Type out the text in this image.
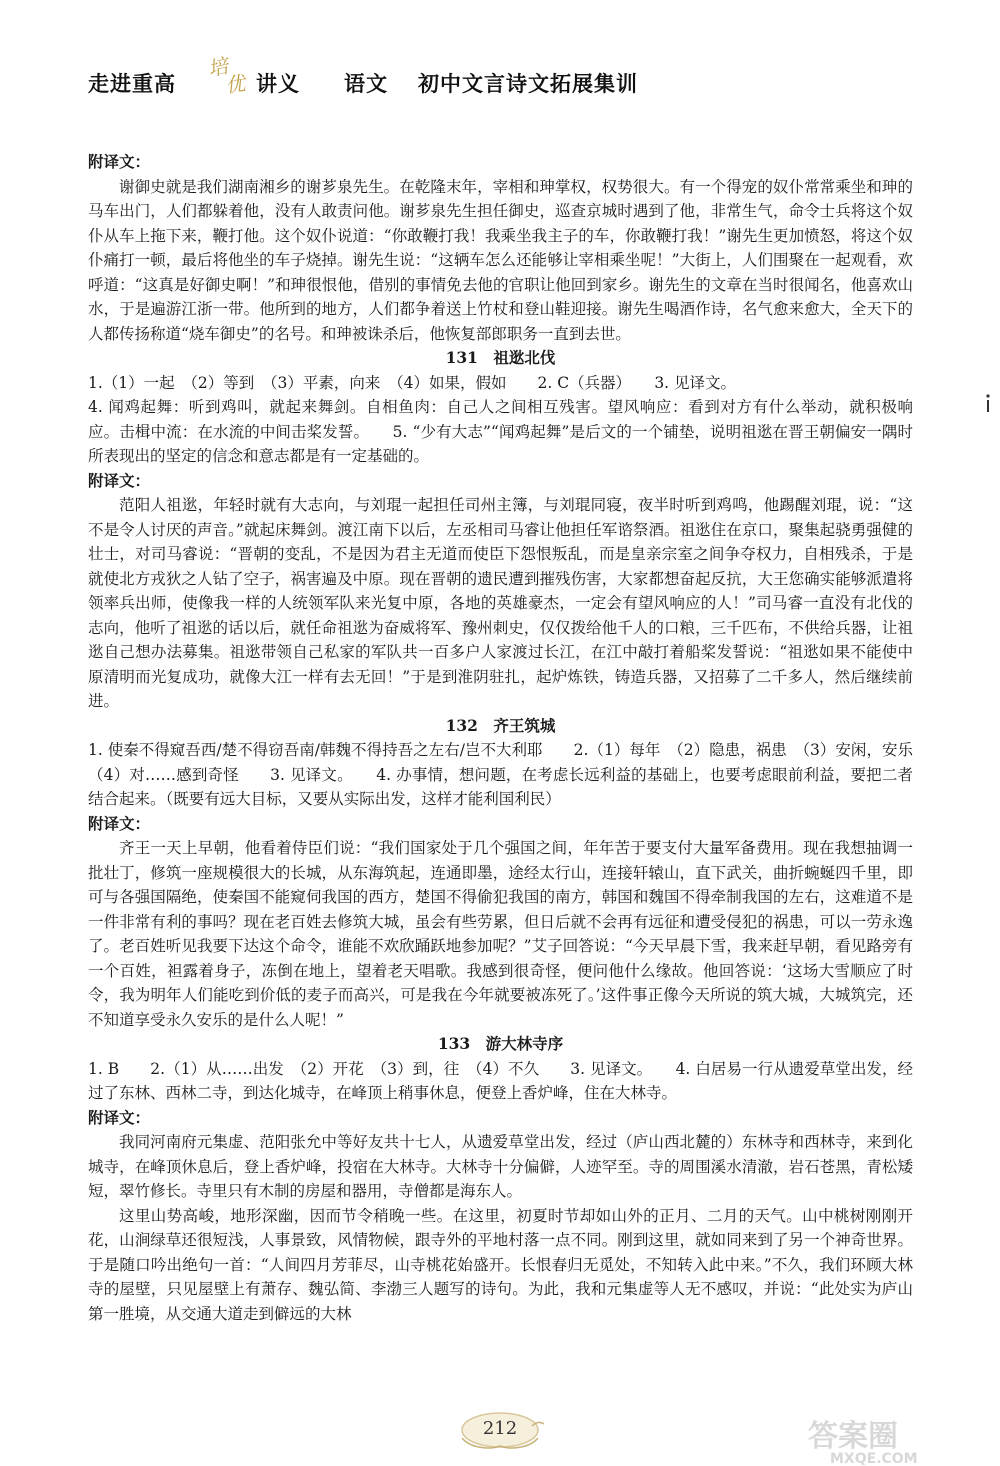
走进重高
培
优 讲义 语文 初中文言诗文拓展集训

附译文：

谢御史就是我们湖南湘乡的谢芗泉先生。在乾隆末年，宰相和珅掌权，权势很大。有一个得宠的奴仆常常乘坐和珅的马车出门，人们都躲着他，没有人敢责问他。谢芗泉先生担任御史，巡查京城时遇到了他，非常生气，命令士兵将这个奴仆从车上拖下来，鞭打他。这个奴仆说道：“你敢鞭打我！我乘坐我主子的车，你敢鞭打我！”谢先生更加愤怒，将这个奴仆痛打一顿，最后将他坐的车子烧掉。谢先生说：“这辆车怎么还能够让宰相乘坐呢！”大街上，人们围聚在一起观看，欢呼道：“这真是好御史啊！”和珅很恨他，借别的事情免去他的官职让他回到家乡。谢先生的文章在当时很闻名，他喜欢山水，于是遍游江浙一带。他所到的地方，人们都争着送上竹杖和登山鞋迎接。谢先生喝酒作诗，名气愈来愈大，全天下的人都传扬称道“烧车御史”的名号。和珅被诛杀后，他恢复部郎职务一直到去世。

131　祖逖北伐

1.（1）一起　（2）等到　（3）平素，向来　（4）如果，假如　　2. C（兵器）　　3. 见译文。

4. 闻鸡起舞：听到鸡叫，就起来舞剑。自相鱼肉：自己人之间相互残害。望风响应：看到对方有什么举动，就积极响应。击楫中流：在水流的中间击桨发誓。　　5. “少有大志”“闻鸡起舞”是后文的一个铺垫，说明祖逖在晋王朝偏安一隅时所表现出的坚定的信念和意志都是有一定基础的。

附译文：

范阳人祖逖，年轻时就有大志向，与刘琨一起担任司州主簿，与刘琨同寝，夜半时听到鸡鸣，他踢醒刘琨，说：“这不是令人讨厌的声音。”就起床舞剑。渡江南下以后，左丞相司马睿让他担任军谘祭酒。祖逖住在京口，聚集起骁勇强健的壮士，对司马睿说：“晋朝的变乱，不是因为君主无道而使臣下怨恨叛乱，而是皇亲宗室之间争夺权力，自相残杀，于是就使北方戎狄之人钻了空子，祸害遍及中原。现在晋朝的遗民遭到摧残伤害，大家都想奋起反抗，大王您确实能够派遣将领率兵出师，使像我一样的人统领军队来光复中原，各地的英雄豪杰，一定会有望风响应的人！”司马睿一直没有北伐的志向，他听了祖逖的话以后，就任命祖逖为奋威将军、豫州刺史，仅仅拨给他千人的口粮，三千匹布，不供给兵器，让祖逖自己想办法募集。祖逖带领自己私家的军队共一百多户人家渡过长江，在江中敲打着船桨发誓说：“祖逖如果不能使中原清明而光复成功，就像大江一样有去无回！”于是到淮阴驻扎，起炉炼铁，铸造兵器，又招募了二千多人，然后继续前进。

132　齐王筑城

1. 使秦不得窥吾西/楚不得窃吾南/韩魏不得持吾之左右/岂不大利耶　　2.（1）每年　（2）隐患，祸患　（3）安闲，安乐　（4）对……感到奇怪　　3. 见译文。　　4. 办事情，想问题，在考虑长远利益的基础上，也要考虑眼前利益，要把二者结合起来。（既要有远大目标，又要从实际出发，这样才能利国利民）

附译文：

齐王一天上早朝，他看着侍臣们说：“我们国家处于几个强国之间，年年苦于要支付大量军备费用。现在我想抽调一批壮丁，修筑一座规模很大的长城，从东海筑起，连通即墨，途经太行山，连接轩辕山，直下武关，曲折蜿蜒四千里，即可与各强国隔绝，使秦国不能窥伺我国的西方，楚国不得偷犯我国的南方，韩国和魏国不得牵制我国的左右，这难道不是一件非常有利的事吗？现在老百姓去修筑大城，虽会有些劳累，但日后就不会再有远征和遭受侵犯的祸患，可以一劳永逸了。老百姓听见我要下达这个命令，谁能不欢欣踊跃地参加呢？”艾子回答说：“今天早晨下雪，我来赶早朝，看见路旁有一个百姓，袒露着身子，冻倒在地上，望着老天唱歌。我感到很奇怪，便问他什么缘故。他回答说：‘这场大雪顺应了时令，我为明年人们能吃到价低的麦子而高兴，可是我在今年就要被冻死了。’这件事正像今天所说的筑大城，大城筑完，还不知道享受永久安乐的是什么人呢！”

133　游大林寺序

1. B　　2.（1）从……出发　（2）开花　（3）到，往　（4）不久　　3. 见译文。　　4. 白居易一行从遗爱草堂出发，经过了东林、西林二寺，到达化城寺，在峰顶上稍事休息，便登上香炉峰，住在大林寺。

附译文：

我同河南府元集虚、范阳张允中等好友共十七人，从遗爱草堂出发，经过（庐山西北麓的）东林寺和西林寺，来到化城寺，在峰顶休息后，登上香炉峰，投宿在大林寺。大林寺十分偏僻，人迹罕至。寺的周围溪水清澈，岩石苍黑，青松矮短，翠竹修长。寺里只有木制的房屋和器用，寺僧都是海东人。

这里山势高峻，地形深幽，因而节令稍晚一些。在这里，初夏时节却如山外的正月、二月的天气。山中桃树刚刚开花，山涧绿草还很短浅，人事景致，风情物候，跟寺外的平地村落一点不同。刚到这里，就如同来到了另一个神奇世界。于是随口吟出绝句一首：“人间四月芳菲尽，山寺桃花始盛开。长恨春归无觅处，不知转入此中来。”不久，我们环顾大林寺的屋壁，只见屋壁上有萧存、魏弘简、李渤三人题写的诗句。为此，我和元集虚等人无不感叹，并说：“此处实为庐山第一胜境，从交通大道走到僻远的大林

212	答案圈
MXQE.COM
